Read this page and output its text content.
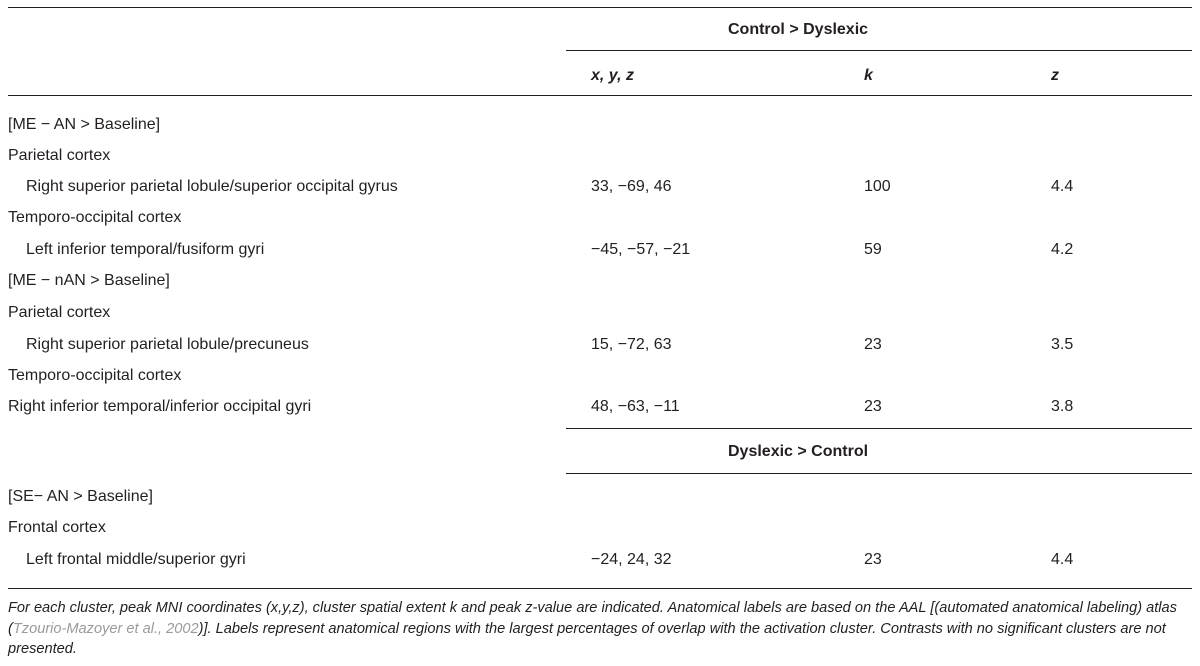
Control > Dyslexic
x, y, z	k	z
[ME − AN > Baseline]
Parietal cortex
Right superior parietal lobule/superior occipital gyrus	33, −69, 46	100	4.4
Temporo-occipital cortex
Left inferior temporal/fusiform gyri	−45, −57, −21	59	4.2
[ME − nAN > Baseline]
Parietal cortex
Right superior parietal lobule/precuneus	15, −72, 63	23	3.5
Temporo-occipital cortex
Right inferior temporal/inferior occipital gyri	48, −63, −11	23	3.8
Dyslexic > Control
[SE− AN > Baseline]
Frontal cortex
Left frontal middle/superior gyri	−24, 24, 32	23	4.4
For each cluster, peak MNI coordinates (x,y,z), cluster spatial extent k and peak z-value are indicated. Anatomical labels are based on the AAL [(automated anatomical labeling) atlas (Tzourio-Mazoyer et al., 2002)]. Labels represent anatomical regions with the largest percentages of overlap with the activation cluster. Contrasts with no significant clusters are not presented.
